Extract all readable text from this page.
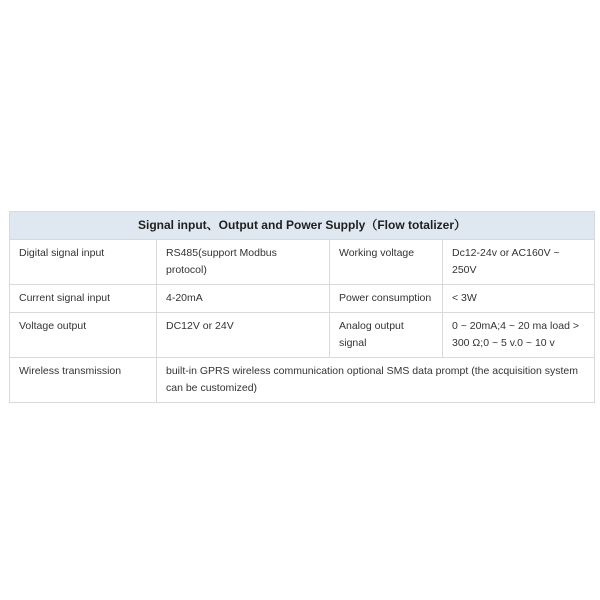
Signal input、Output and Power Supply（Flow totalizer）			
Digital signal input	RS485(support Modbus protocol)	Working voltage	Dc12-24v or AC160V ~ 250V
Current signal input	4-20mA	Power consumption	< 3W
Voltage output	DC12V or 24V	Analog output signal	0 ~ 20mA;4 ~ 20 ma load > 300 Ω;0 ~ 5 v.0 ~ 10 v
Wireless transmission	built-in GPRS wireless communication optional SMS data prompt (the acquisition system can be customized)		
